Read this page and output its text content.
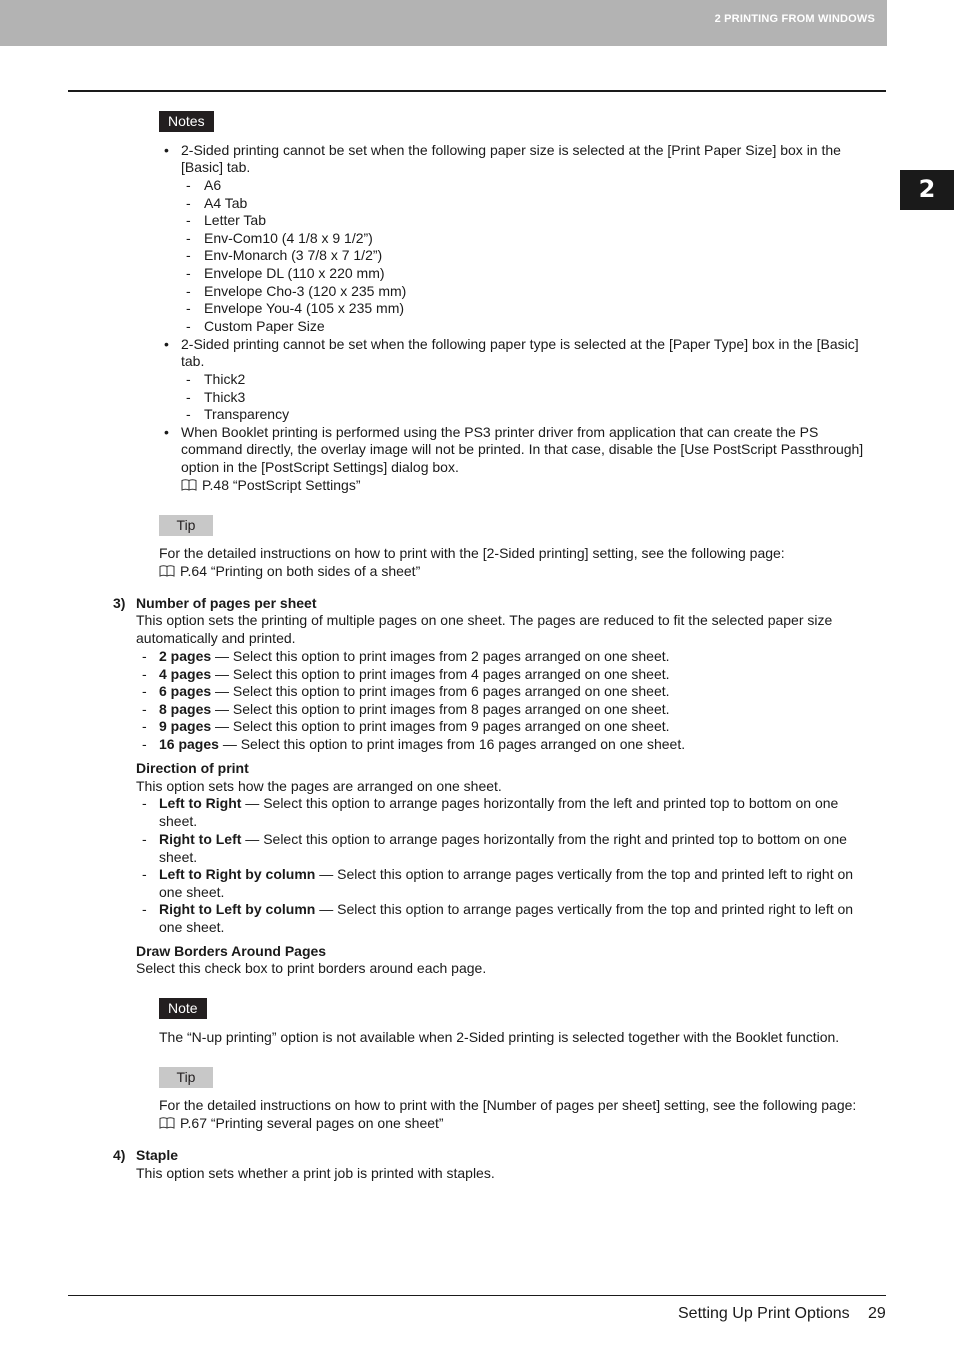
2 PRINTING FROM WINDOWS
2
Notes
• 2-Sided printing cannot be set when the following paper size is selected at the [Print Paper Size] box in the
[Basic] tab.
- A6
- A4 Tab
- Letter Tab
- Env-Com10 (4 1/8 x 9 1/2”)
- Env-Monarch (3 7/8 x 7 1/2”)
- Envelope DL (110 x 220 mm)
- Envelope Cho-3 (120 x 235 mm)
- Envelope You-4 (105 x 235 mm)
- Custom Paper Size
• 2-Sided printing cannot be set when the following paper type is selected at the [Paper Type] box in the [Basic]
tab.
- Thick2
- Thick3
- Transparency
• When Booklet printing is performed using the PS3 printer driver from application that can create the PS
command directly, the overlay image will not be printed. In that case, disable the [Use PostScript Passthrough]
option in the [PostScript Settings] dialog box.
P.48 “PostScript Settings”
Tip
For the detailed instructions on how to print with the [2-Sided printing] setting, see the following page:
P.64 “Printing on both sides of a sheet”
3) Number of pages per sheet
This option sets the printing of multiple pages on one sheet. The pages are reduced to fit the selected paper size
automatically and printed.
- 2 pages — Select this option to print images from 2 pages arranged on one sheet.
- 4 pages — Select this option to print images from 4 pages arranged on one sheet.
- 6 pages — Select this option to print images from 6 pages arranged on one sheet.
- 8 pages — Select this option to print images from 8 pages arranged on one sheet.
- 9 pages — Select this option to print images from 9 pages arranged on one sheet.
- 16 pages — Select this option to print images from 16 pages arranged on one sheet.
Direction of print
This option sets how the pages are arranged on one sheet.
- Left to Right — Select this option to arrange pages horizontally from the left and printed top to bottom on one
sheet.
- Right to Left — Select this option to arrange pages horizontally from the right and printed top to bottom on one
sheet.
- Left to Right by column — Select this option to arrange pages vertically from the top and printed left to right on
one sheet.
- Right to Left by column — Select this option to arrange pages vertically from the top and printed right to left on
one sheet.
Draw Borders Around Pages
Select this check box to print borders around each page.
Note
The “N-up printing” option is not available when 2-Sided printing is selected together with the Booklet function.
Tip
For the detailed instructions on how to print with the [Number of pages per sheet] setting, see the following page:
P.67 “Printing several pages on one sheet”
4) Staple
This option sets whether a print job is printed with staples.
Setting Up Print Options 29
